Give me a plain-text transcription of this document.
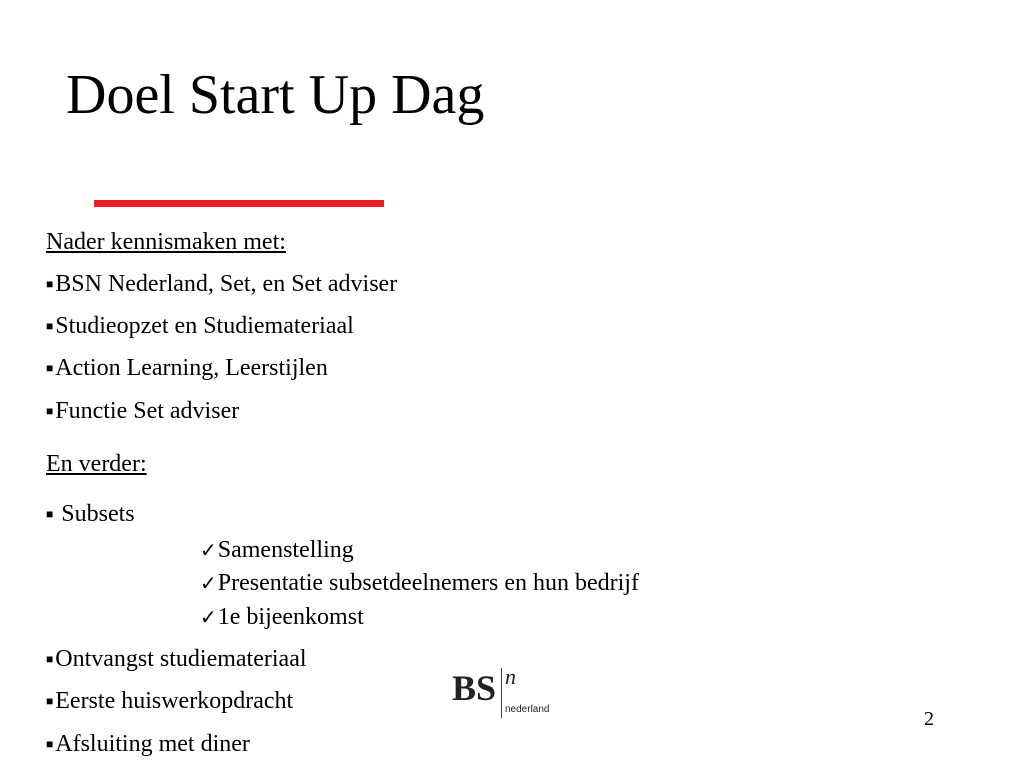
Doel Start Up Dag
Nader kennismaken met:
■BSN Nederland, Set, en Set adviser
■Studieopzet en Studiemateriaal
■Action Learning, Leerstijlen
■Functie Set adviser
En verder:
■ Subsets
✓Samenstelling
✓Presentatie subsetdeelnemers en hun bedrijf
✓1e bijeenkomst
■Ontvangst studiemateriaal
■Eerste huiswerkopdracht
■Afsluiting met diner
BS n
nederland	2
